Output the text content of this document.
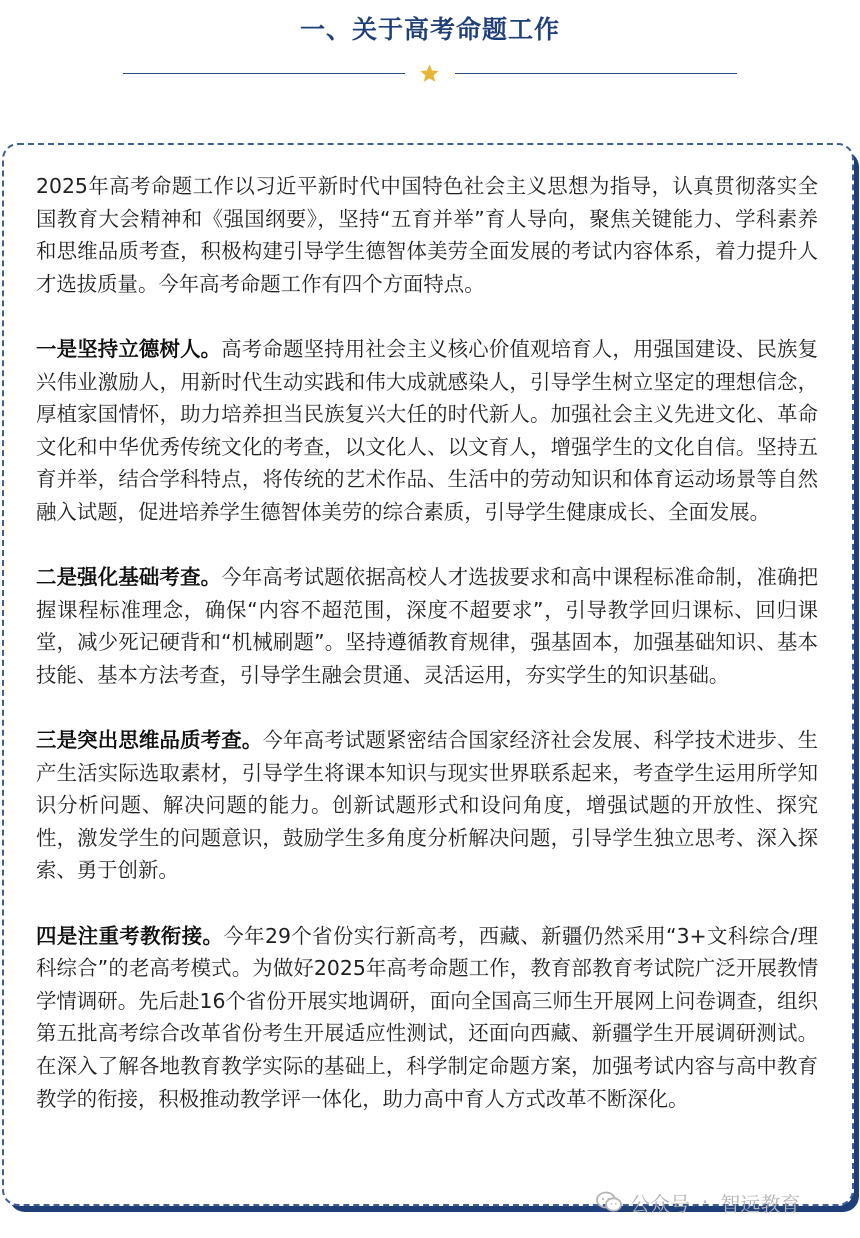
一、关于高考命题工作

2025年高考命题工作以习近平新时代中国特色社会主义思想为指导，认真贯彻落实全国教育大会精神和《强国纲要》，坚持“五育并举”育人导向，聚焦关键能力、学科素养和思维品质考查，积极构建引导学生德智体美劳全面发展的考试内容体系，着力提升人才选拔质量。今年高考命题工作有四个方面特点。

一是坚持立德树人。高考命题坚持用社会主义核心价值观培育人，用强国建设、民族复兴伟业激励人，用新时代生动实践和伟大成就感染人，引导学生树立坚定的理想信念，厚植家国情怀，助力培养担当民族复兴大任的时代新人。加强社会主义先进文化、革命文化和中华优秀传统文化的考查，以文化人、以文育人，增强学生的文化自信。坚持五育并举，结合学科特点，将传统的艺术作品、生活中的劳动知识和体育运动场景等自然融入试题，促进培养学生德智体美劳的综合素质，引导学生健康成长、全面发展。

二是强化基础考查。今年高考试题依据高校人才选拔要求和高中课程标准命制，准确把握课程标准理念，确保“内容不超范围，深度不超要求”，引导教学回归课标、回归课堂，减少死记硬背和“机械刷题”。坚持遵循教育规律，强基固本，加强基础知识、基本技能、基本方法考查，引导学生融会贯通、灵活运用，夯实学生的知识基础。

三是突出思维品质考查。今年高考试题紧密结合国家经济社会发展、科学技术进步、生产生活实际选取素材，引导学生将课本知识与现实世界联系起来，考查学生运用所学知识分析问题、解决问题的能力。创新试题形式和设问角度，增强试题的开放性、探究性，激发学生的问题意识，鼓励学生多角度分析解决问题，引导学生独立思考、深入探索、勇于创新。

四是注重考教衔接。今年29个省份实行新高考，西藏、新疆仍然采用“3+文科综合/理科综合”的老高考模式。为做好2025年高考命题工作，教育部教育考试院广泛开展教情学情调研。先后赴16个省份开展实地调研，面向全国高三师生开展网上问卷调查，组织第五批高考综合改革省份考生开展适应性测试，还面向西藏、新疆学生开展调研测试。在深入了解各地教育教学实际的基础上，科学制定命题方案，加强考试内容与高中教育教学的衔接，积极推动教学评一体化，助力高中育人方式改革不断深化。

公众号 · 智远教育
